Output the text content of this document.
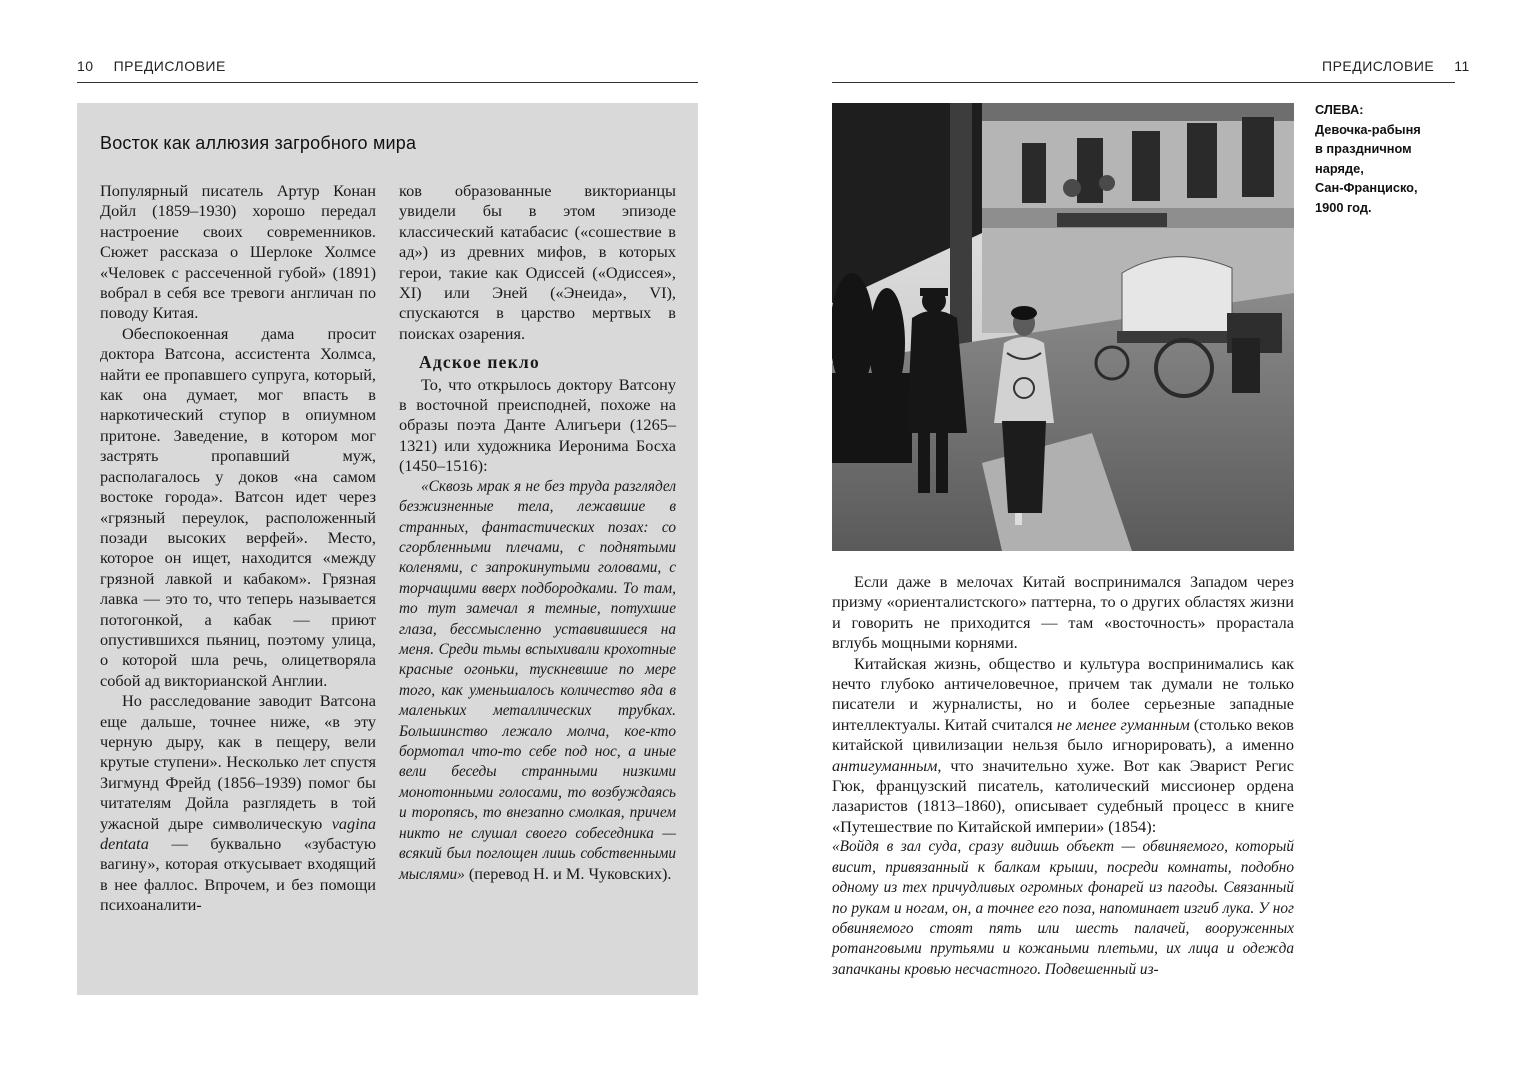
10 ПРЕДИСЛОВИЕ	ПРЕДИСЛОВИЕ 11
Восток как аллюзия загробного мира

Популярный писатель Артур Конан Дойл (1859–1930) хорошо передал настроение своих современников. Сюжет рассказа о Шерлоке Холмсе «Человек с рассеченной губой» (1891) вобрал в себя все тревоги англичан по поводу Китая.

Обеспокоенная дама просит доктора Ватсона, ассистента Холмса, найти ее пропавшего супруга, который, как она думает, мог впасть в наркотический ступор в опиумном притоне. Заведение, в котором мог застрять пропавший муж, располагалось у доков «на самом востоке города». Ватсон идет через «грязный переулок, расположенный позади высоких верфей». Место, которое он ищет, находится «между грязной лавкой и кабаком». Грязная лавка — это то, что теперь называется потогонкой, а кабак — приют опустившихся пьяниц, поэтому улица, о которой шла речь, олицетворяла собой ад викторианской Англии.

Но расследование заводит Ватсона еще дальше, точнее ниже, «в эту черную дыру, как в пещеру, вели крутые ступени». Несколько лет спустя Зигмунд Фрейд (1856–1939) помог бы читателям Дойла разглядеть в той ужасной дыре символическую vagina dentata — буквально «зубастую вагину», которая откусывает входящий в нее фаллос. Впрочем, и без помощи психоаналити-

ков образованные викторианцы увидели бы в этом эпизоде классический катабасис («сошествие в ад») из древних мифов, в которых герои, такие как Одиссей («Одиссея», XI) или Эней («Энеида», VI), спускаются в царство мертвых в поисках озарения.

Адское пекло

То, что открылось доктору Ватсону в восточной преисподней, похоже на образы поэта Данте Алигьери (1265–1321) или художника Иеронима Босха (1450–1516):

«Сквозь мрак я не без труда разглядел безжизненные тела, лежавшие в странных, фантастических позах: со сгорбленными плечами, с поднятыми коленями, с запрокинутыми головами, с торчащими вверх подбородками. То там, то тут замечал я темные, потухшие глаза, бессмысленно уставившиеся на меня. Среди тьмы вспыхивали крохотные красные огоньки, тускневшие по мере того, как уменьшалось количество яда в маленьких металлических трубках. Большинство лежало молча, кое-кто бормотал что-то себе под нос, а иные вели беседы странными низкими монотонными голосами, то возбуждаясь и торопясь, то внезапно смолкая, причем никто не слушал своего собеседника — всякий был поглощен лишь собственными мыслями» (перевод Н. и М. Чуковских).

СЛЕВА:
Девочка-рабыня
в праздничном
наряде,
Сан-Франциско,
1900 год.

Если даже в мелочах Китай воспринимался Западом через призму «ориенталистского» паттерна, то о других областях жизни и говорить не приходится — там «восточность» прорастала вглубь мощными корнями.

Китайская жизнь, общество и культура воспринимались как нечто глубоко античеловечное, причем так думали не только писатели и журналисты, но и более серьезные западные интеллектуалы. Китай считался не менее гуманным (столько веков китайской цивилизации нельзя было игнорировать), а именно антигуманным, что значительно хуже. Вот как Эварист Регис Гюк, французский писатель, католический миссионер ордена лазаристов (1813–1860), описывает судебный процесс в книге «Путешествие по Китайской империи» (1854):

«Войдя в зал суда, сразу видишь объект — обвиняемого, который висит, привязанный к балкам крыши, посреди комнаты, подобно одному из тех причудливых огромных фонарей из пагоды. Связанный по рукам и ногам, он, а точнее его поза, напоминает изгиб лука. У ног обвиняемого стоят пять или шесть палачей, вооруженных ротанговыми прутьями и кожаными плетьми, их лица и одежда запачканы кровью несчастного. Подвешенный из-
